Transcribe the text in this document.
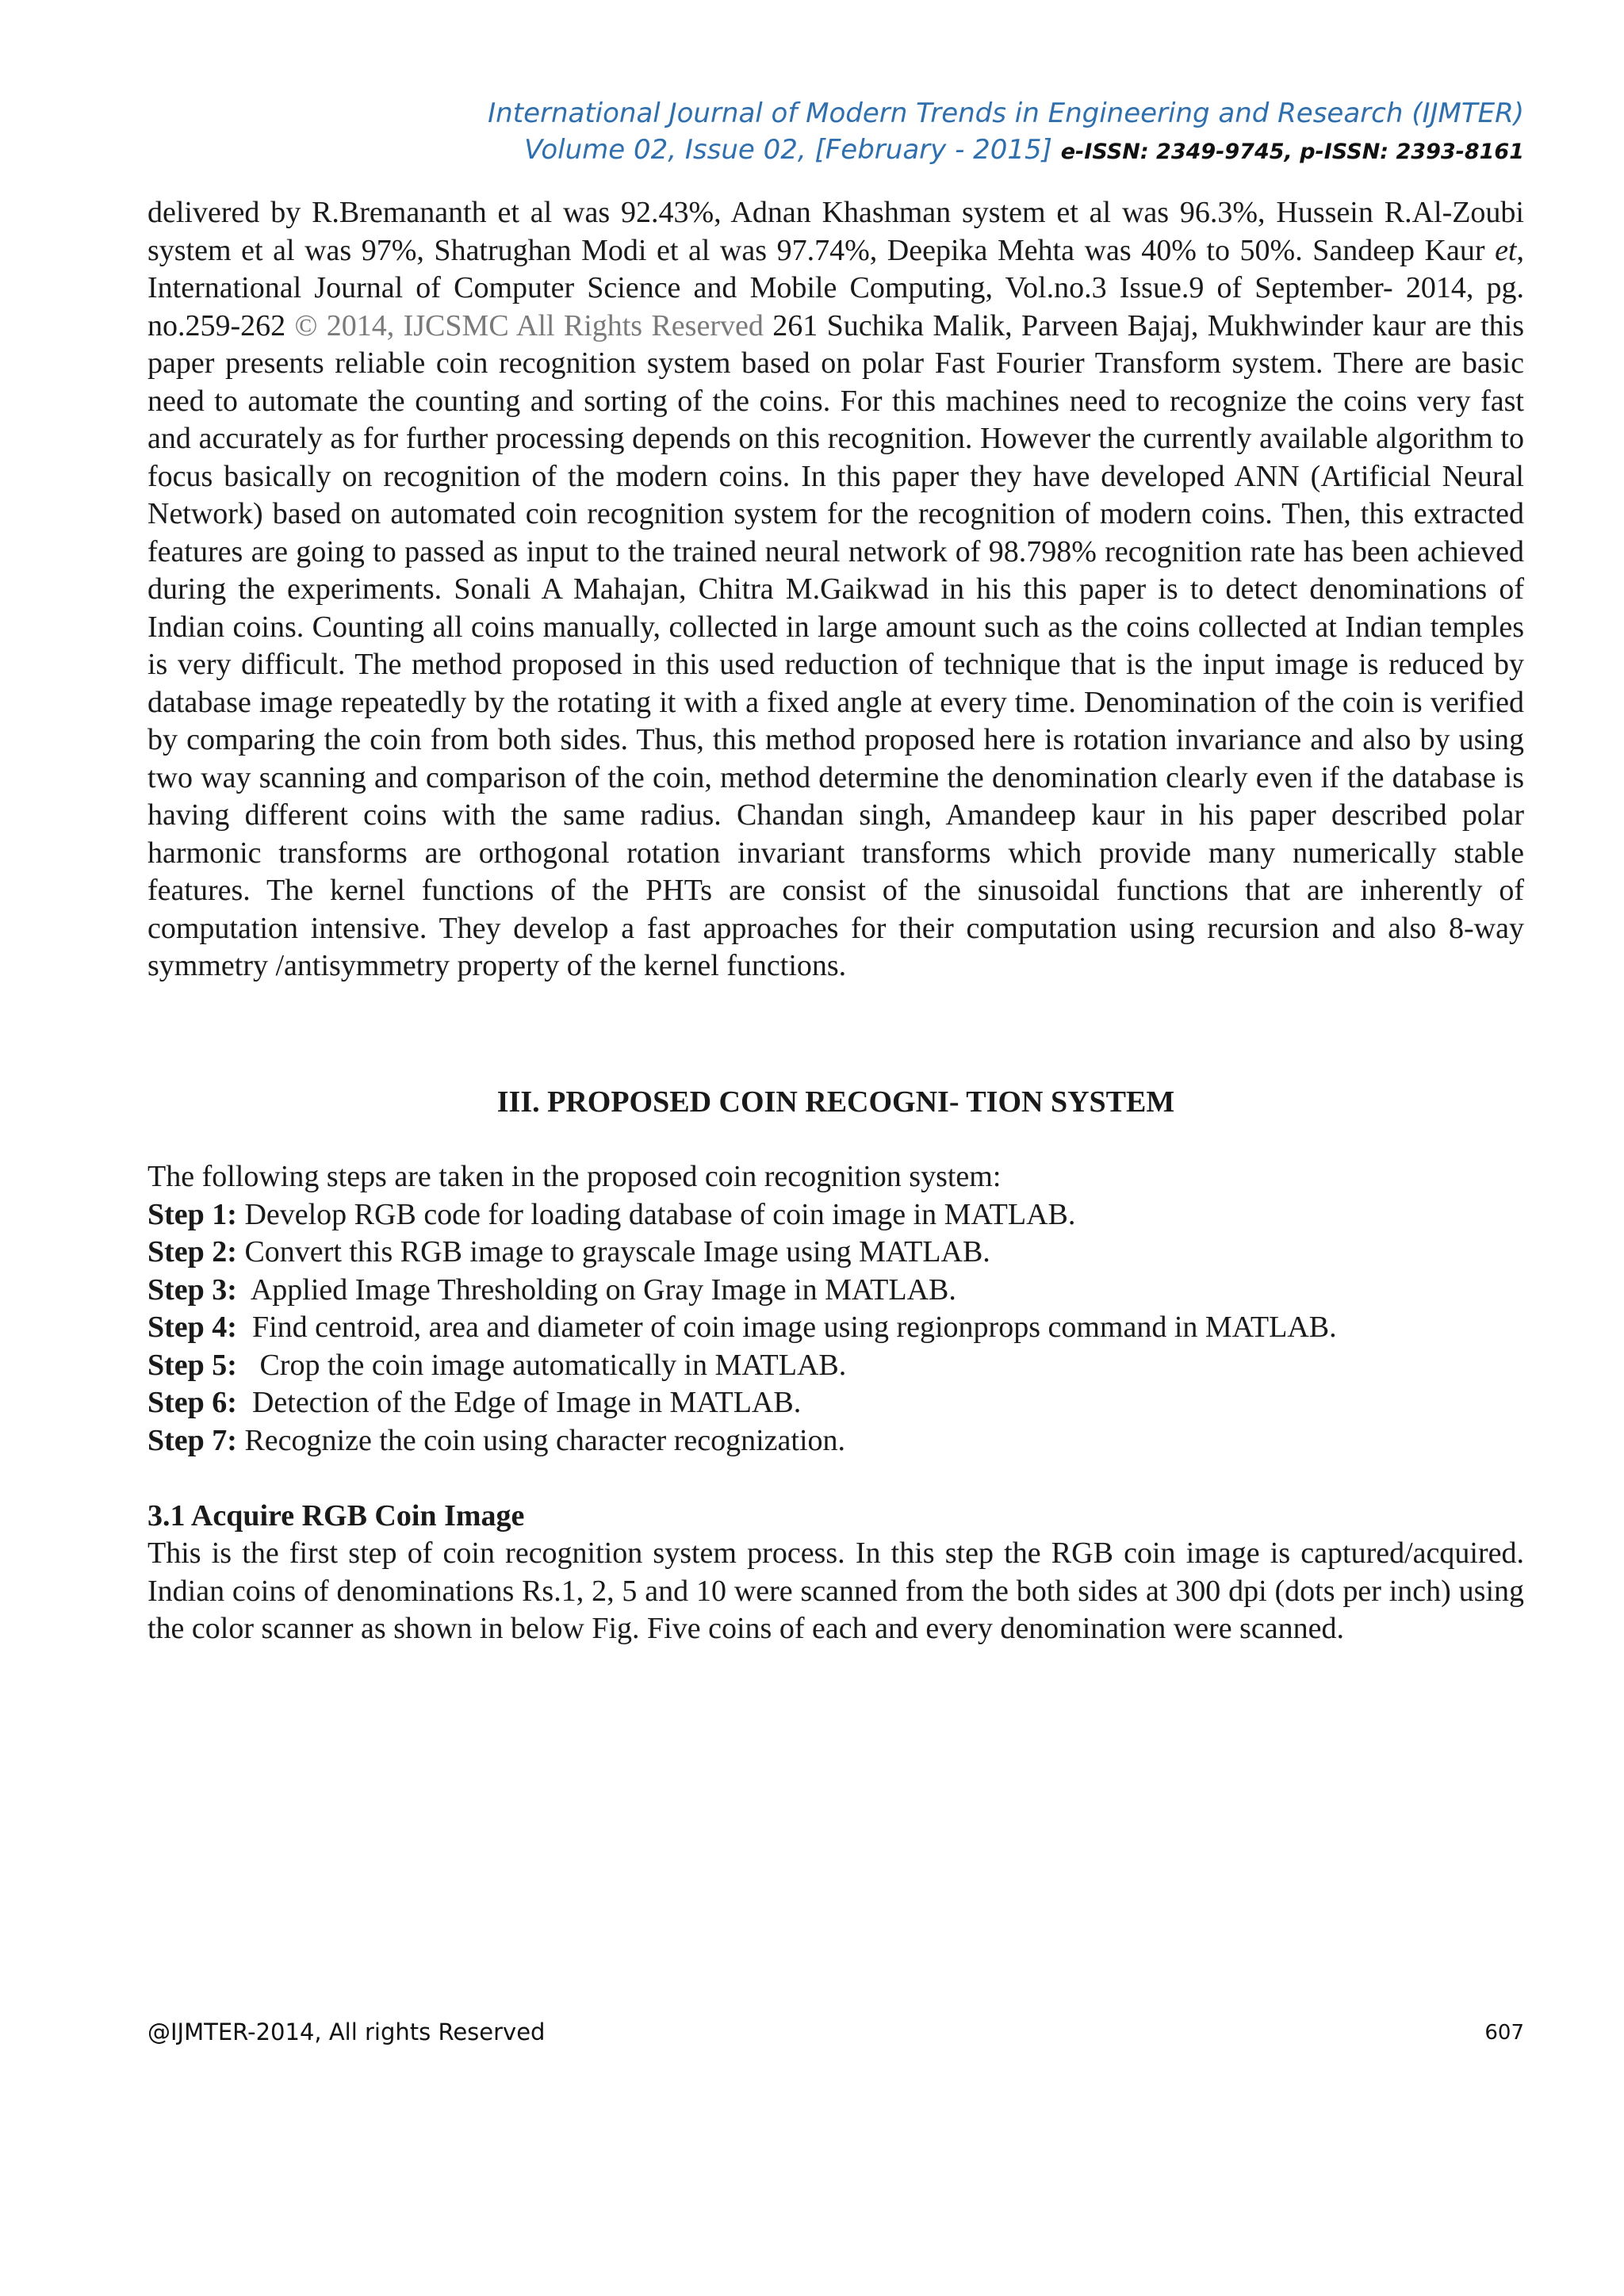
International Journal of Modern Trends in Engineering and Research (IJMTER)
Volume 02, Issue 02, [February - 2015] e-ISSN: 2349-9745, p-ISSN: 2393-8161

delivered by R.Bremananth et al was 92.43%, Adnan Khashman system et al was 96.3%, Hussein R.Al-Zoubi system et al was 97%, Shatrughan Modi et al was 97.74%, Deepika Mehta was 40% to 50%. Sandeep Kaur et, International Journal of Computer Science and Mobile Computing, Vol.no.3 Issue.9 of September- 2014, pg. no.259-262 © 2014, IJCSMC All Rights Reserved 261 Suchika Malik, Parveen Bajaj, Mukhwinder kaur are this paper presents reliable coin recognition system based on polar Fast Fourier Transform system. There are basic need to automate the counting and sorting of the coins. For this machines need to recognize the coins very fast and accurately as for further processing depends on this recognition. However the currently available algorithm to focus basically on recognition of the modern coins. In this paper they have developed ANN (Artificial Neural Network) based on automated coin recognition system for the recognition of modern coins. Then, this extracted features are going to passed as input to the trained neural network of 98.798% recognition rate has been achieved during the experiments. Sonali A Mahajan, Chitra M.Gaikwad in his this paper is to detect denominations of Indian coins. Counting all coins manually, collected in large amount such as the coins collected at Indian temples is very difficult. The method proposed in this used reduction of technique that is the input image is reduced by database image repeatedly by the rotating it with a fixed angle at every time. Denomination of the coin is verified by comparing the coin from both sides. Thus, this method proposed here is rotation invariance and also by using two way scanning and comparison of the coin, method determine the denomination clearly even if the database is having different coins with the same radius. Chandan singh, Amandeep kaur in his paper described polar harmonic transforms are orthogonal rotation invariant transforms which provide many numerically stable features. The kernel functions of the PHTs are consist of the sinusoidal functions that are inherently of computation intensive. They develop a fast approaches for their computation using recursion and also 8-way symmetry /antisymmetry property of the kernel functions.

III. PROPOSED COIN RECOGNI- TION SYSTEM
The following steps are taken in the proposed coin recognition system:
Step 1: Develop RGB code for loading database of coin image in MATLAB.
Step 2: Convert this RGB image to grayscale Image using MATLAB.
Step 3:  Applied Image Thresholding on Gray Image in MATLAB.
Step 4:  Find centroid, area and diameter of coin image using regionprops command in MATLAB.
Step 5:   Crop the coin image automatically in MATLAB.
Step 6:  Detection of the Edge of Image in MATLAB.
Step 7: Recognize the coin using character recognization.
3.1 Acquire RGB Coin Image

This is the first step of coin recognition system process. In this step the RGB coin image is captured/acquired. Indian coins of denominations Rs.1, 2, 5 and 10 were scanned from the both sides at 300 dpi (dots per inch) using the color scanner as shown in below Fig. Five coins of each and every denomination were scanned.

@IJMTER-2014, All rights Reserved	607
